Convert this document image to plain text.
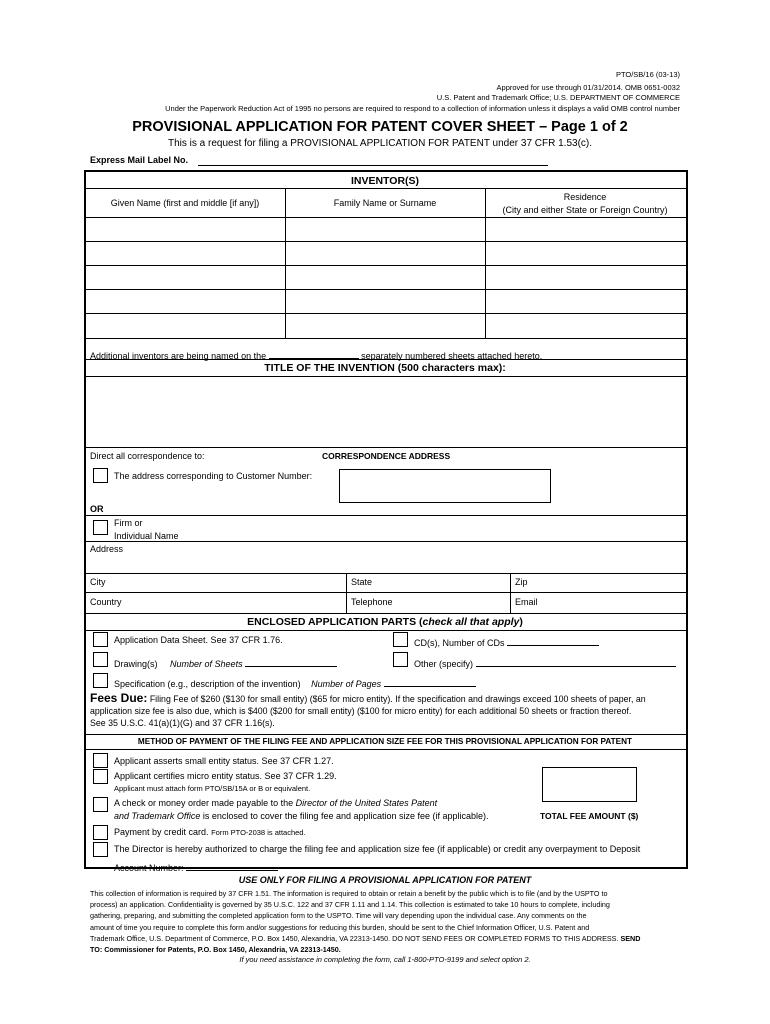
PTO/SB/16 (03-13)
Approved for use through 01/31/2014. OMB 0651-0032
U.S. Patent and Trademark Office; U.S. DEPARTMENT OF COMMERCE
Under the Paperwork Reduction Act of 1995 no persons are required to respond to a collection of information unless it displays a valid OMB control number
PROVISIONAL APPLICATION FOR PATENT COVER SHEET – Page 1 of 2
This is a request for filing a PROVISIONAL APPLICATION FOR PATENT under 37 CFR 1.53(c).
Express Mail Label No.
INVENTOR(S)
Given Name (first and middle [if any])	Family Name or Surname
Residence
(City and either State or Foreign Country)
Additional inventors are being named on the	separately numbered sheets attached hereto.
TITLE OF THE INVENTION (500 characters max):
Direct all correspondence to:	CORRESPONDENCE ADDRESS
The address corresponding to Customer Number:
OR
Firm or
Individual Name
Address
City	State	Zip
Country	Telephone	Email
ENCLOSED APPLICATION PARTS (check all that apply)
Application Data Sheet. See 37 CFR 1.76.	CD(s), Number of CDs
Drawing(s) Number of Sheets	Other (specify)
Specification (e.g., description of the invention) Number of Pages
Fees Due: Filing Fee of $260 ($130 for small entity) ($65 for micro entity). If the specification and drawings exceed 100 sheets of paper, an
application size fee is also due, which is $400 ($200 for small entity) ($100 for micro entity) for each additional 50 sheets or fraction thereof.
See 35 U.S.C. 41(a)(1)(G) and 37 CFR 1.16(s).
METHOD OF PAYMENT OF THE FILING FEE AND APPLICATION SIZE FEE FOR THIS PROVISIONAL APPLICATION FOR PATENT
Applicant asserts small entity status. See 37 CFR 1.27.
Applicant certifies micro entity status. See 37 CFR 1.29.
Applicant must attach form PTO/SB/15A or B or equivalent.
A check or money order made payable to the Director of the United States Patent
and Trademark Office is enclosed to cover the filing fee and application size fee (if applicable).	TOTAL FEE AMOUNT ($)
Payment by credit card. Form PTO-2038 is attached.
The Director is hereby authorized to charge the filing fee and application size fee (if applicable) or credit any overpayment to Deposit
Account Number:
USE ONLY FOR FILING A PROVISIONAL APPLICATION FOR PATENT
This collection of information is required by 37 CFR 1.51. The information is required to obtain or retain a benefit by the public which is to file (and by the USPTO to
process) an application. Confidentiality is governed by 35 U.S.C. 122 and 37 CFR 1.11 and 1.14. This collection is estimated to take 10 hours to complete, including
gathering, preparing, and submitting the completed application form to the USPTO. Time will vary depending upon the individual case. Any comments on the
amount of time you require to complete this form and/or suggestions for reducing this burden, should be sent to the Chief Information Officer, U.S. Patent and
Trademark Office, U.S. Department of Commerce, P.O. Box 1450, Alexandria, VA 22313-1450. DO NOT SEND FEES OR COMPLETED FORMS TO THIS ADDRESS. SEND
TO: Commissioner for Patents, P.O. Box 1450, Alexandria, VA 22313-1450.
If you need assistance in completing the form, call 1-800-PTO-9199 and select option 2.
